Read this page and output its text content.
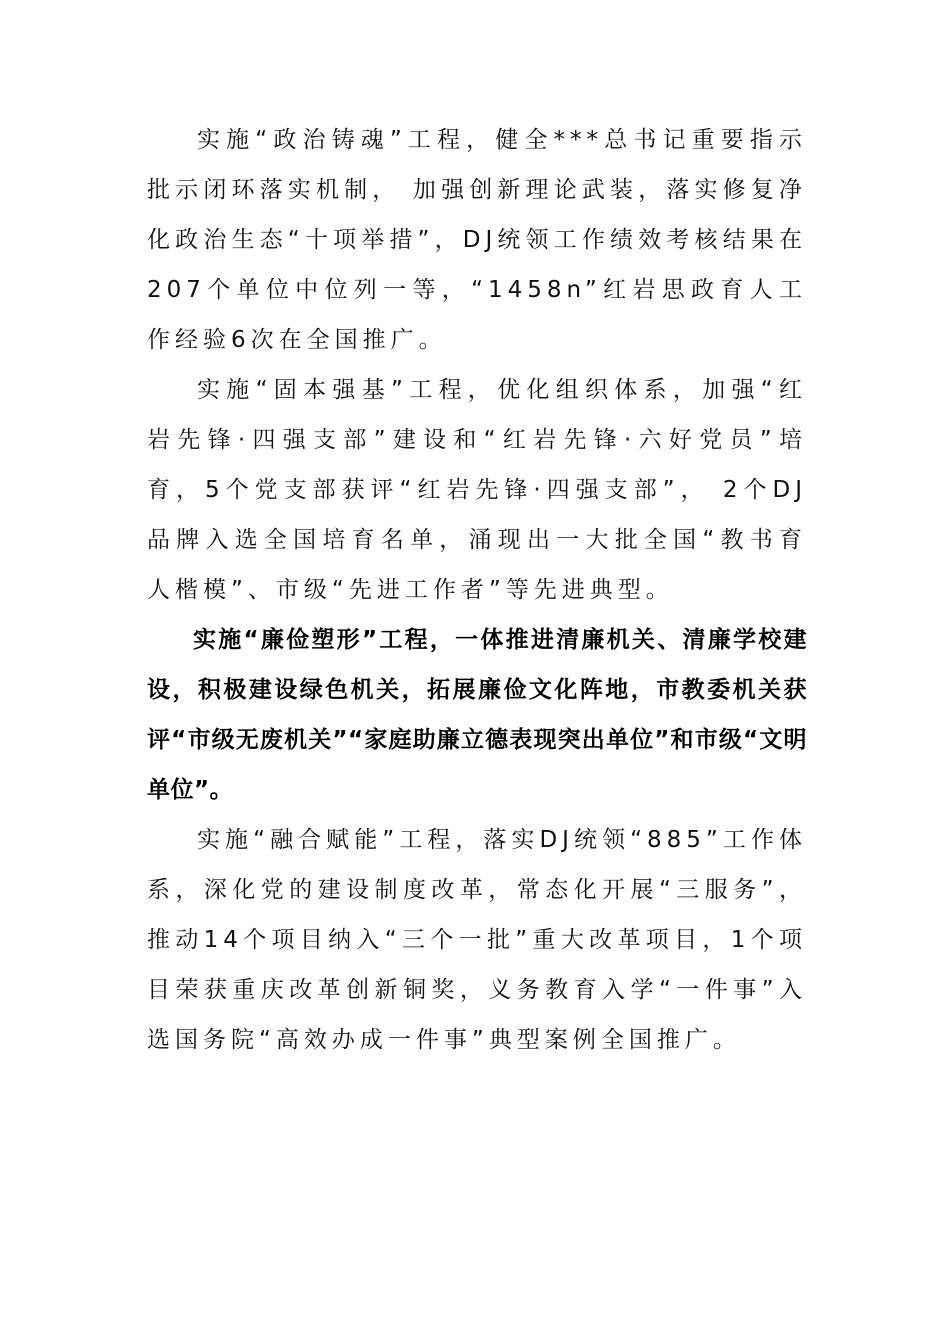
实施“政治铸魂”工程，健全***总书记重要指示批示闭环落实机制， 加强创新理论武装，落实修复净化政治生态“十项举措”，DJ统领工作绩效考核结果在207个单位中位列一等，“1458n”红岩思政育人工作经验6次在全国推广。

实施“固本强基”工程，优化组织体系，加强“红岩先锋·四强支部”建设和“红岩先锋·六好党员”培育，5个党支部获评“红岩先锋·四强支部”， 2个DJ品牌入选全国培育名单，涌现出一大批全国“教书育人楷模”、市级“先进工作者”等先进典型。

实施“廉俭塑形”工程，一体推进清廉机关、清廉学校建设，积极建设绿色机关，拓展廉俭文化阵地，市教委机关获评“市级无废机关”“家庭助廉立德表现突出单位”和市级“文明单位”。

实施“融合赋能”工程，落实DJ统领“885”工作体系，深化党的建设制度改革，常态化开展“三服务”，推动14个项目纳入“三个一批”重大改革项目，1个项目荣获重庆改革创新铜奖，义务教育入学“一件事”入选国务院“高效办成一件事”典型案例全国推广。
